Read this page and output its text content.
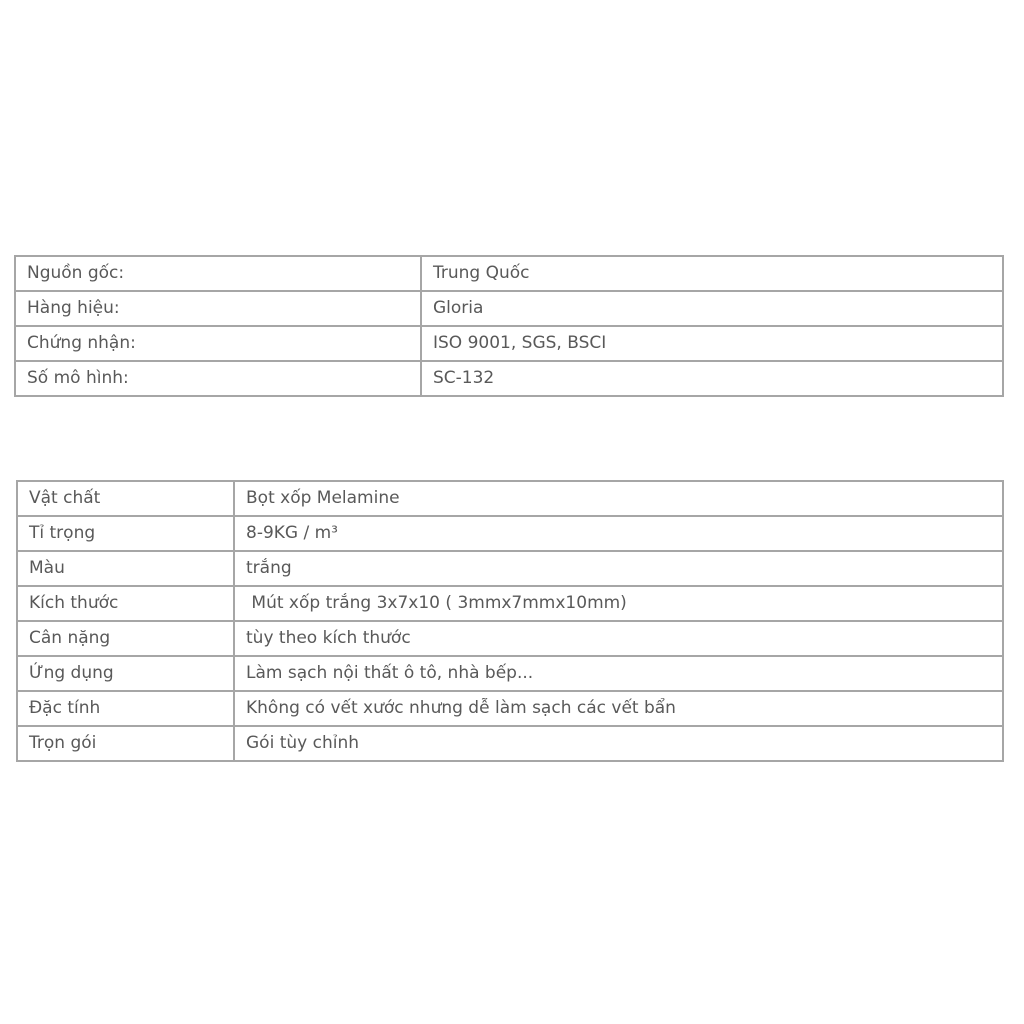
Nguồn gốc:	Trung Quốc
Hàng hiệu:	Gloria
Chứng nhận:	ISO 9001, SGS, BSCI
Số mô hình:	SC-132
Vật chất	Bọt xốp Melamine
Tỉ trọng	8-9KG / m³
Màu	trắng
Kích thước	Mút xốp trắng 3x7x10 ( 3mmx7mmx10mm)
Cân nặng	tùy theo kích thước
Ứng dụng	Làm sạch nội thất ô tô, nhà bếp...
Đặc tính	Không có vết xước nhưng dễ làm sạch các vết bẩn
Trọn gói	Gói tùy chỉnh
